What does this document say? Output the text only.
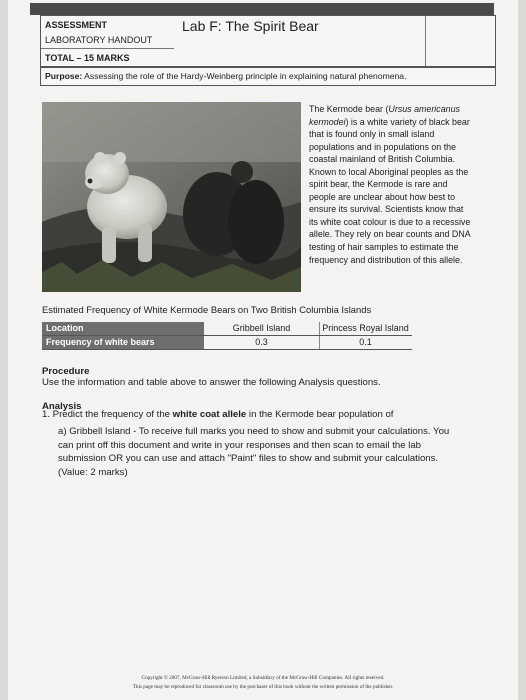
ASSESSMENT
LABORATORY HANDOUT
TOTAL – 15 MARKS
Lab F: The Spirit Bear
Purpose: Assessing the role of the Hardy-Weinberg principle in explaining natural phenomena.
The Kermode bear (Ursus americanus
kermodei) is a white variety of black bear
that is found only in small island
populations and in populations on the
coastal mainland of British Columbia.
Known to local Aboriginal peoples as the
spirit bear, the Kermode is rare and
people are unclear about how best to
ensure its survival. Scientists know that
its white coat colour is due to a recessive
allele. They rely on bear counts and DNA
testing of hair samples to estimate the
frequency and distribution of this allele.
Estimated Frequency of White Kermode Bears on Two British Columbia Islands
Location	Gribbell Island	Princess Royal Island
Frequency of white bears	0.3	0.1
Procedure
Use the information and table above to answer the following Analysis questions.
Analysis
1. Predict the frequency of the white coat allele in the Kermode bear population of
a) Gribbell Island - To receive full marks you need to show and submit your calculations. You
can print off this document and write in your responses and then scan to email the lab
submission OR you can use and attach "Paint" files to show and submit your calculations.
(Value: 2 marks)
Copyright © 2007, McGraw-Hill Ryerson Limited, a Subsidiary of the McGraw-Hill Companies. All rights reserved.
This page may be reproduced for classroom use by the purchaser of this book without the written permission of the publisher.
